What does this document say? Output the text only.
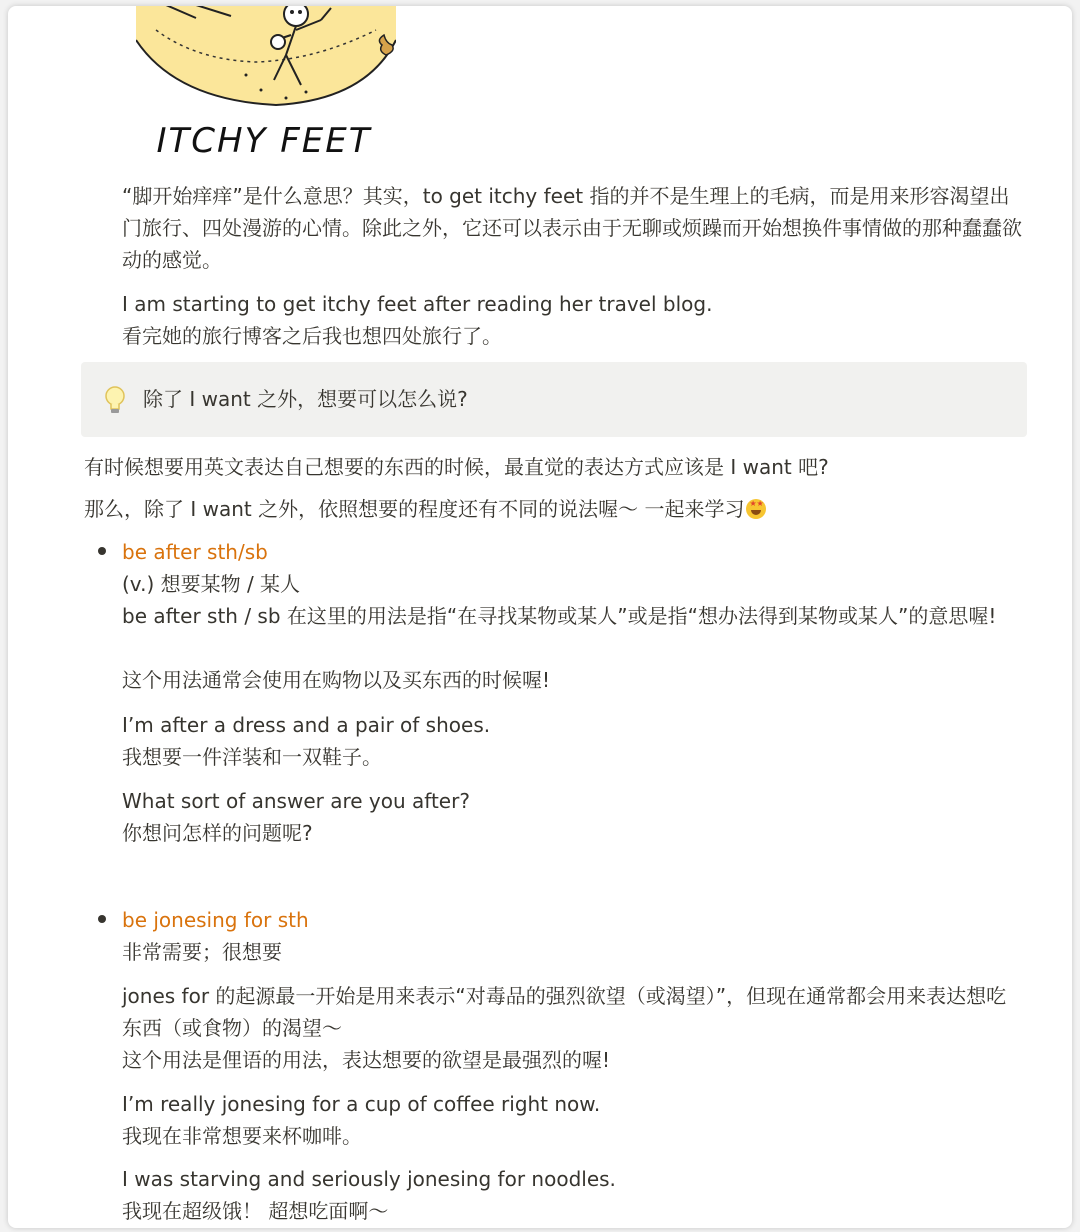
ITCHY FEET

“脚开始痒痒”是什么意思？其实，to get itchy feet 指的并不是生理上的毛病，而是用来形容渴望出门旅行、四处漫游的心情。除此之外，它还可以表示由于无聊或烦躁而开始想换件事情做的那种蠢蠢欲动的感觉。

I am starting to get itchy feet after reading her travel blog.

看完她的旅行博客之后我也想四处旅行了。

除了 I want 之外，想要可以怎么说?

有时候想要用英文表达自己想要的东西的时候，最直觉的表达方式应该是 I want 吧?

那么，除了 I want 之外，依照想要的程度还有不同的说法喔～ 一起来学习★
★

be after sth/sb

(v.) 想要某物 / 某人

be after sth / sb 在这里的用法是指“在寻找某物或某人”或是指“想办法得到某物或某人”的意思喔!

这个用法通常会使用在购物以及买东西的时候喔!

I’m after a dress and a pair of shoes.

我想要一件洋装和一双鞋子。

What sort of answer are you after?

你想问怎样的问题呢?

be jonesing for sth

非常需要；很想要

jones for 的起源最一开始是用来表示“对毒品的强烈欲望（或渴望）”，但现在通常都会用来表达想吃东西（或食物）的渴望～

这个用法是俚语的用法，表达想要的欲望是最强烈的喔!

I’m really jonesing for a cup of coffee right now.

我现在非常想要来杯咖啡。

I was starving and seriously jonesing for noodles.

我现在超级饿！ 超想吃面啊～
